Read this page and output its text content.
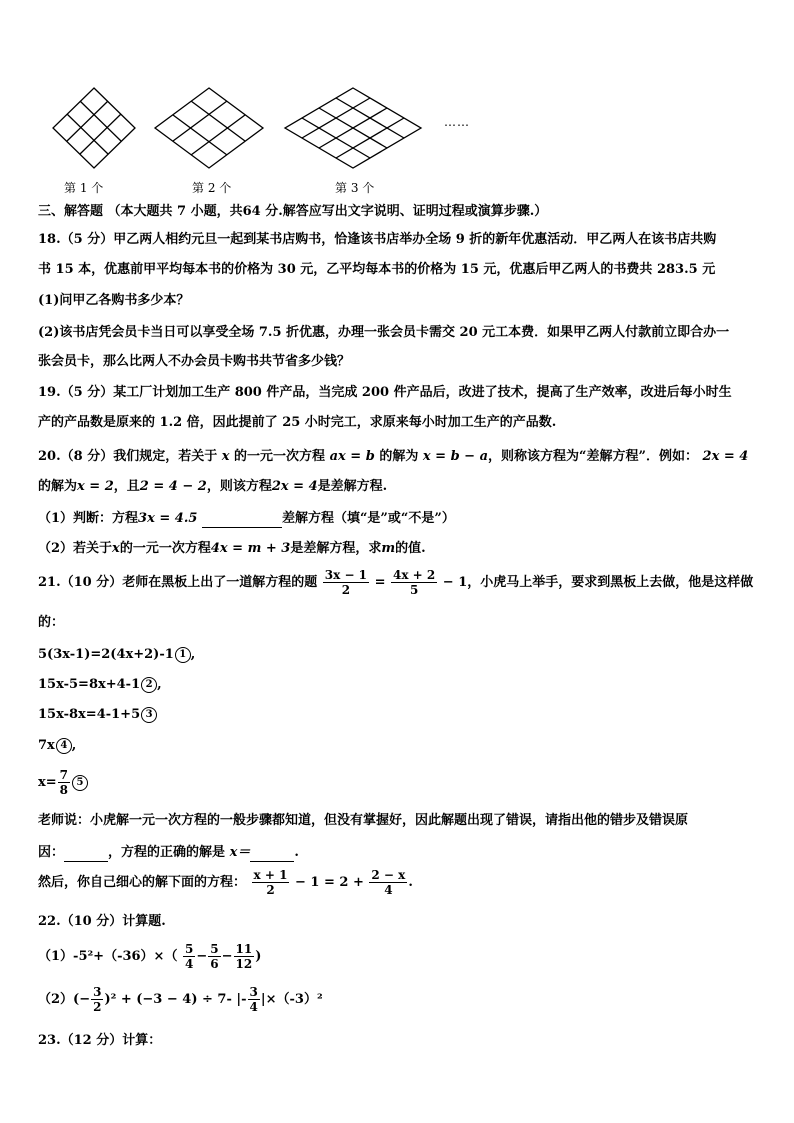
第 1 个	第 2 个	第 3 个
……
三、解答题 （本大题共 7 小题，共64 分.解答应写出文字说明、证明过程或演算步骤.）
18.（5 分）甲乙两人相约元旦一起到某书店购书，恰逢该书店举办全场 9 折的新年优惠活动．甲乙两人在该书店共购
书 15 本，优惠前甲平均每本书的价格为 30 元，乙平均每本书的价格为 15 元，优惠后甲乙两人的书费共 283.5 元
(1)问甲乙各购书多少本？
(2)该书店凭会员卡当日可以享受全场 7.5 折优惠，办理一张会员卡需交 20 元工本费．如果甲乙两人付款前立即合办一
张会员卡，那么比两人不办会员卡购书共节省多少钱？
19.（5 分）某工厂计划加工生产 800 件产品，当完成 200 件产品后，改进了技术，提高了生产效率，改进后每小时生
产的产品数是原来的 1.2 倍，因此提前了 25 小时完工，求原来每小时加工生产的产品数.
20.（8 分）我们规定，若关于 x 的一元一次方程 ax = b 的解为 x = b − a，则称该方程为“差解方程”．例如： 2x = 4
的解为x = 2，且2 = 4 − 2，则该方程2x = 4是差解方程.
（1）判断：方程3x = 4.5	差解方程（填“是”或“不是”）
（2）若关于x的一元一次方程4x = m + 3是差解方程，求m的值.
21.（10 分）老师在黑板上出了一道解方程的题 $\frac{3x - 1}{2} = \frac{4x + 2}{5} - 1$，小虎马上举手，要求到黑板上去做，他是这样做
的：
5(3x-1)=2(4x+2)-1 1 ,
15x-5=8x+4-1 2 ,
15x-8x=4-1+5 3
7x 4 ,
$x= \frac{7}{8} 5$
老师说：小虎解一元一次方程的一般步骤都知道，但没有掌握好，因此解题出现了错误，请指出他的错步及错误原
因：	，方程的正确的解是 x＝	.
然后，你自己细心的解下面的方程： $\frac{x + 1}{2} - 1 = 2 + \frac{2 - x}{4}$ .
22.（10 分）计算题.
$(1)-5^2+(-36)\times( \frac{5}{4} - \frac{5}{6} - \frac{11}{12}$ )
$(2)(- \frac{3}{2} )^2 + (-3 - 4) \div 7-$ |- $\frac{3}{4} |\times(-3)^2$
23.（12 分）计算：
